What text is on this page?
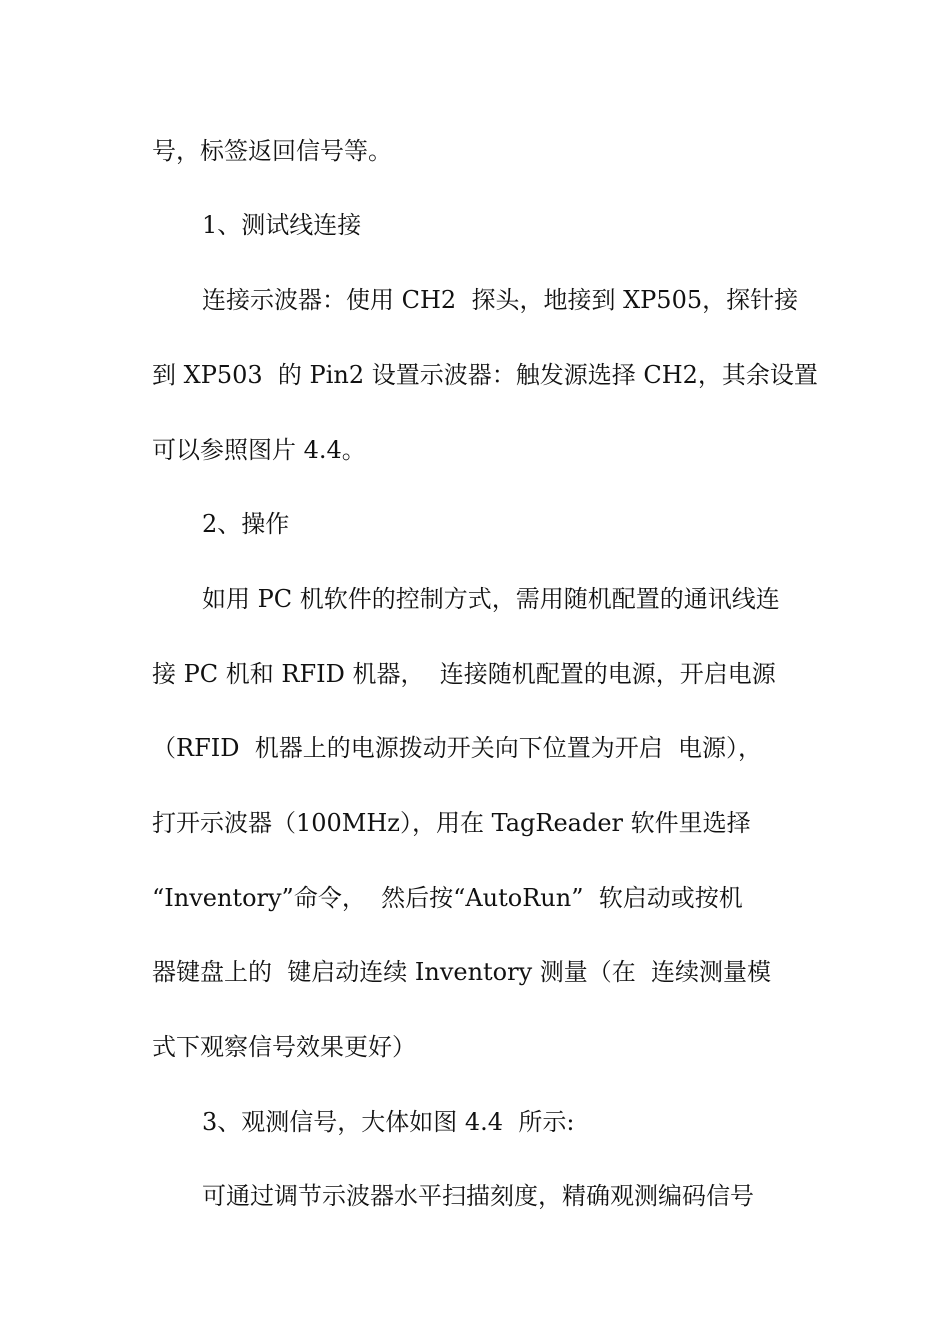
号，标签返回信号等。
1、测试线连接
连接示波器：使用 CH2  探头，地接到 XP505，探针接
到 XP503  的 Pin2 设置示波器：触发源选择 CH2，其余设置
可以参照图片 4.4。
2、操作
如用 PC 机软件的控制方式，需用随机配置的通讯线连
接 PC 机和 RFID 机器，  连接随机配置的电源，开启电源
（RFID  机器上的电源拨动开关向下位置为开启  电源），
打开示波器（100MHz），用在 TagReader 软件里选择
“Inventory”命令，  然后按“AutoRun”  软启动或按机
器键盘上的  键启动连续 Inventory 测量（在  连续测量模
式下观察信号效果更好）
3、观测信号，大体如图 4.4  所示:
可通过调节示波器水平扫描刻度，精确观测编码信号
